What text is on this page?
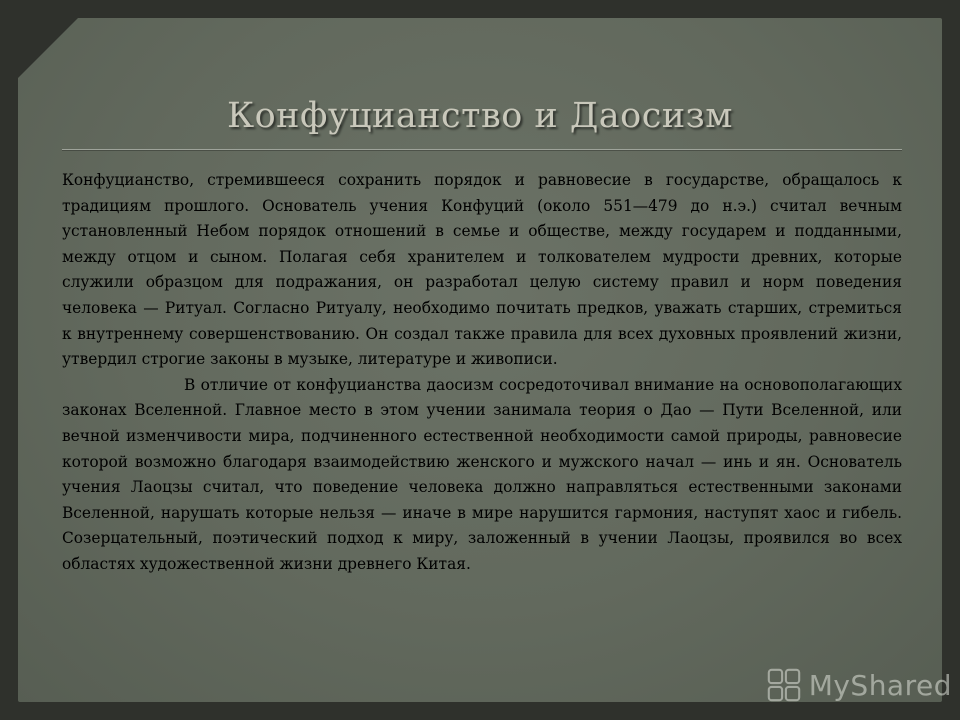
Конфуцианство и Даосизм

Конфуцианство, стремившееся сохранить порядок и равновесие в государстве, обращалось к традициям прошлого. Основатель учения Конфуций (около 551—479 до н.э.) считал вечным установленный Небом порядок отношений в семье и обществе, между государем и подданными, между отцом и сыном. Полагая себя хранителем и толкователем мудрости древних, которые служили образцом для подражания, он разработал целую систему правил и норм поведения человека — Ритуал. Согласно Ритуалу, необходимо почитать предков, уважать старших, стремиться к внутреннему совершенствованию. Он создал также правила для всех духовных проявлений жизни, утвердил строгие законы в музыке, литературе и живописи.

В отличие от конфуцианства даосизм сосредоточивал внимание на основополагающих законах Вселенной. Главное место в этом учении занимала теория о Дао — Пути Вселенной, или вечной изменчивости мира, подчиненного естественной необходимости самой природы, равновесие которой возможно благодаря взаимодействию женского и мужского начал — инь и ян. Основатель учения Лаоцзы считал, что поведение человека должно направляться естественными законами Вселенной, нарушать которые нельзя — иначе в мире нарушится гармония, наступят хаос и гибель. Созерцательный, поэтический подход к миру, заложенный в учении Лаоцзы, проявился во всех областях художественной жизни древнего Китая.

MyShared
